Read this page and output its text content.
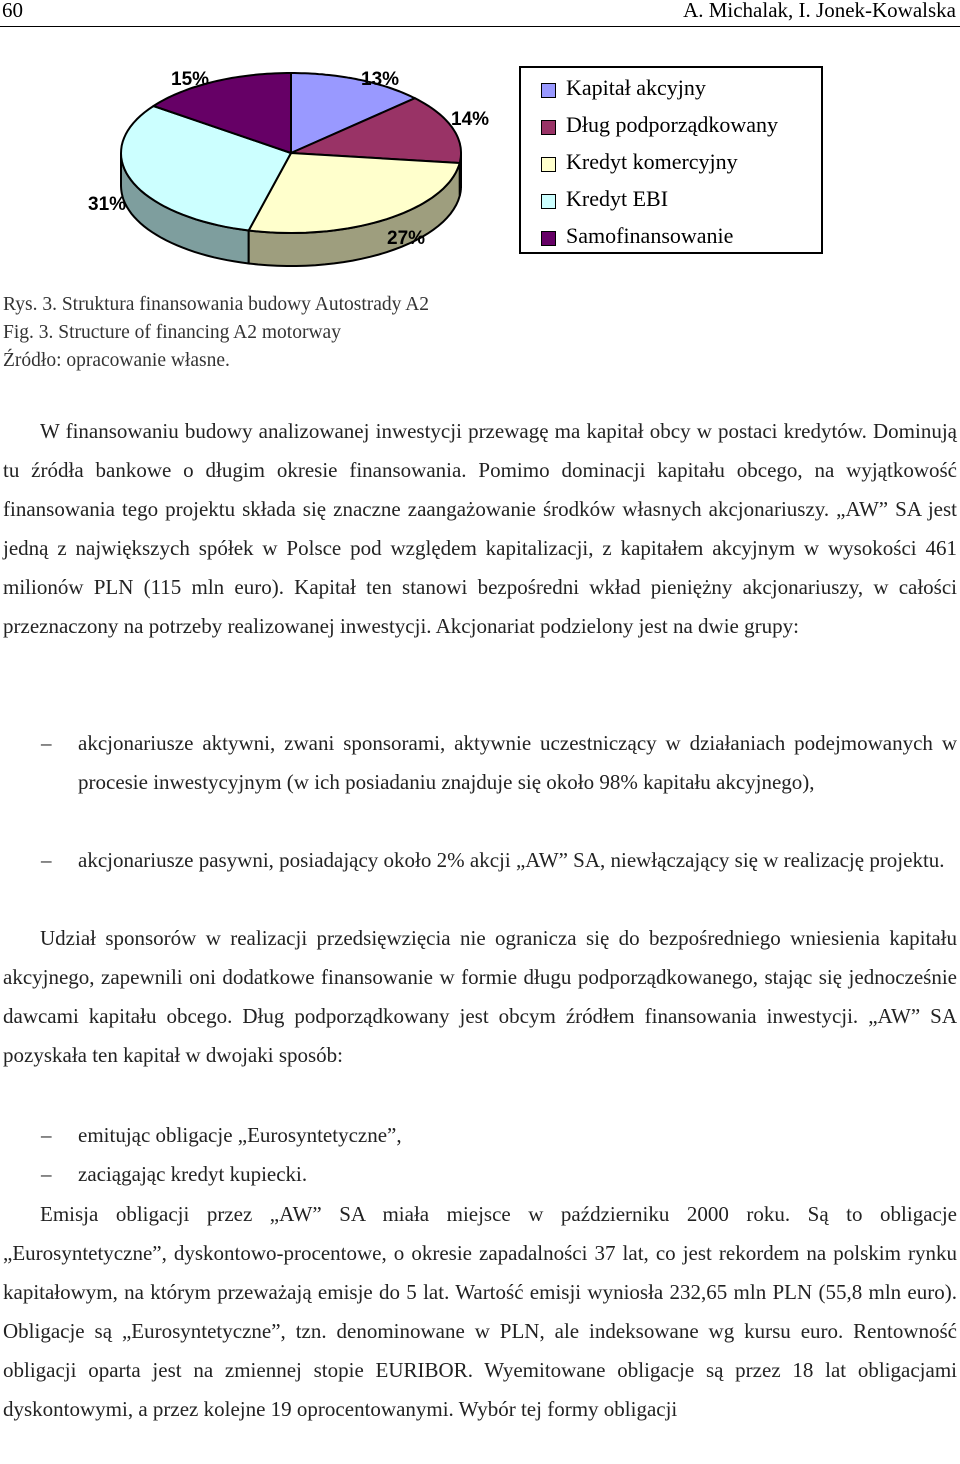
60	A. Michalak, I. Jonek-Kowalska
13%
14%
27%
31%
15%	Kapitał akcyjny
Dług podporządkowany
Kredyt komercyjny
Kredyt EBI
Samofinansowanie
Rys. 3. Struktura finansowania budowy Autostrady A2
Fig. 3. Structure of financing A2 motorway
Źródło: opracowanie własne.

W finansowaniu budowy analizowanej inwestycji przewagę ma kapitał obcy w postaci kredytów. Dominują tu źródła bankowe o długim okresie finansowania. Pomimo dominacji kapitału obcego, na wyjątkowość finansowania tego projektu składa się znaczne zaangażowanie środków własnych akcjonariuszy. „AW” SA jest jedną z największych spółek w Polsce pod względem kapitalizacji, z kapitałem akcyjnym w wysokości 461 milionów PLN (115 mln euro). Kapitał ten stanowi bezpośredni wkład pieniężny akcjonariuszy, w całości przeznaczony na potrzeby realizowanej inwestycji. Akcjonariat podzielony jest na dwie grupy:

– akcjonariusze aktywni, zwani sponsorami, aktywnie uczestniczący w działaniach podejmowanych w procesie inwestycyjnym (w ich posiadaniu znajduje się około 98% kapitału akcyjnego),

– akcjonariusze pasywni, posiadający około 2% akcji „AW” SA, niewłączający się w realizację projektu.

Udział sponsorów w realizacji przedsięwzięcia nie ogranicza się do bezpośredniego wniesienia kapitału akcyjnego, zapewnili oni dodatkowe finansowanie w formie długu podporządkowanego, stając się jednocześnie dawcami kapitału obcego. Dług podporządkowany jest obcym źródłem finansowania inwestycji. „AW” SA pozyskała ten kapitał w dwojaki sposób:

– emitując obligacje „Eurosyntetyczne”,

– zaciągając kredyt kupiecki.

Emisja obligacji przez „AW” SA miała miejsce w październiku 2000 roku. Są to obligacje „Eurosyntetyczne”, dyskontowo-procentowe, o okresie zapadalności 37 lat, co jest rekordem na polskim rynku kapitałowym, na którym przeważają emisje do 5 lat. Wartość emisji wyniosła 232,65 mln PLN (55,8 mln euro). Obligacje są „Eurosyntetyczne”, tzn. denominowane w PLN, ale indeksowane wg kursu euro. Rentowność obligacji oparta jest na zmiennej stopie EURIBOR. Wyemitowane obligacje są przez 18 lat obligacjami dyskontowymi, a przez kolejne 19 oprocentowanymi. Wybór tej formy obligacji
